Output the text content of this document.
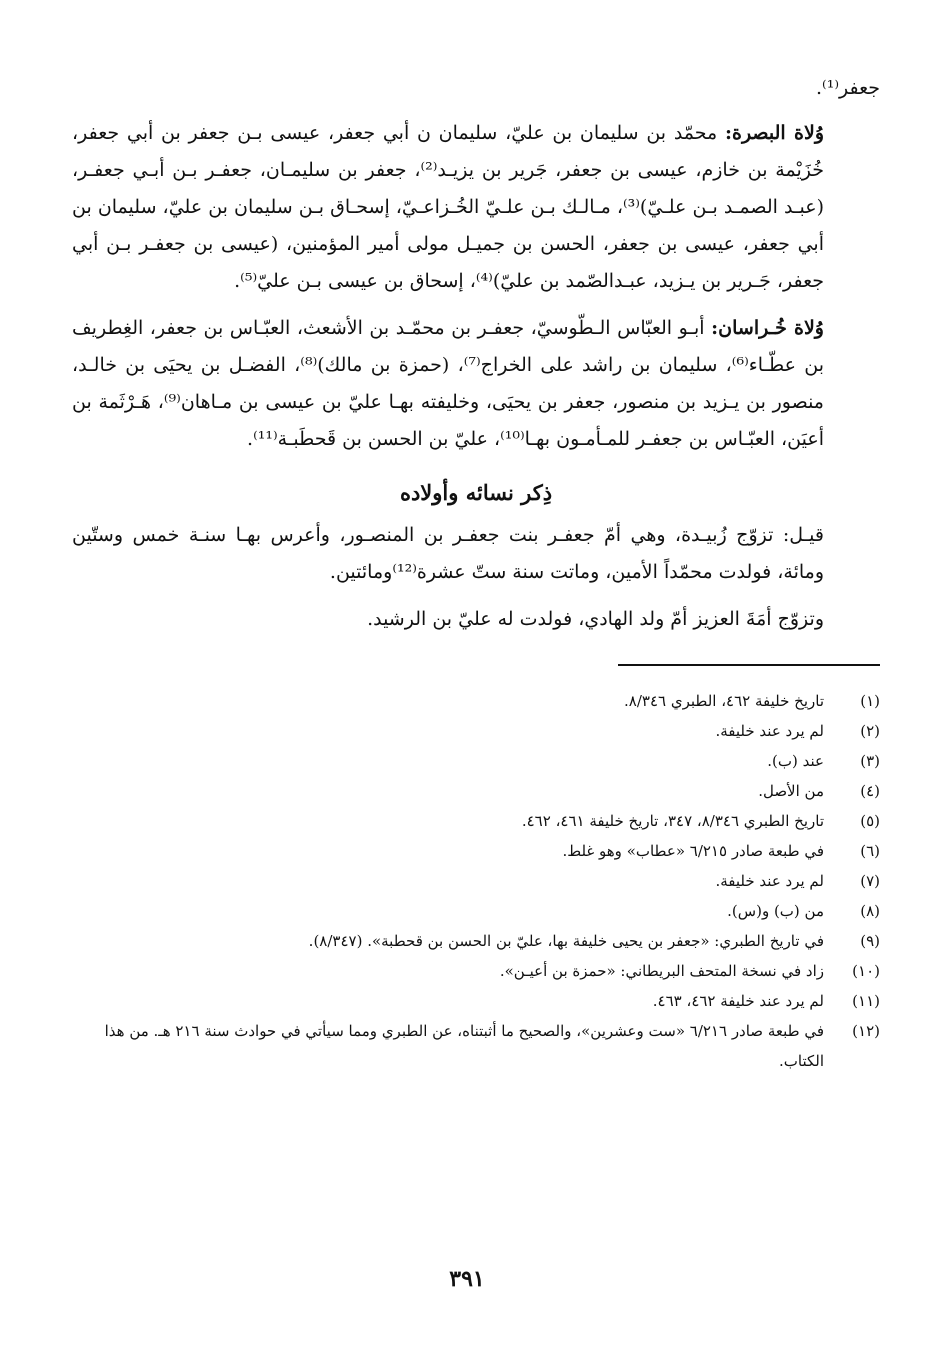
جعفر⁽¹⁾.

وُلاة البصرة: محمّد بن سليمان بن عليّ، سليمان ن أبي جعفر، عيسى بـن جعفر بن أبي جعفر، خُزَيْمة بن خازم، عيسى بن جعفر، جَرير بن يزيـد⁽²⁾، جعفر بن سليمـان، جعفـر بـن أبـي جعفـر، (عبـد الصمـد بـن علـيّ)⁽³⁾، مـالـك بـن علـيّ الخُـزاعـيّ، إسحـاق بـن سليمان بن عليّ، سليمان بن أبي جعفر، عيسى بن جعفر، الحسن بن جميـل مولى أمير المؤمنين، (عيسى بن جعفـر بـن أبي جعفر، جَـرير بن يـزيد، عبـدالصّمد بن عليّ)⁽⁴⁾، إسحاق بن عيسى بـن عليّ⁽⁵⁾.

وُلاة خُـراسان: أبـو العبّاس الـطّوسيّ، جعفـر بن محمّـد بن الأشعث، العبّـاس بن جعفر، الغِطريف بن عطّـاء⁽⁶⁾، سليمان بن راشد على الخراج⁽⁷⁾، (حمزة بن مالك)⁽⁸⁾، الفضـل بن يحيَى بن خالـد، منصور بن يـزيد بن منصور، جعفر بن يحيَى، وخليفته بهـا عليّ بن عيسى بن مـاهان⁽⁹⁾، هَـرْثَمة بن أعيَن، العبّـاس بن جعفـر للمـأمـون بهـا⁽¹⁰⁾، عليّ بن الحسن بن قَحطَبـة⁽¹¹⁾.

ذِكر نسائه وأولاده

قيـل: تزوّج زُبيـدة، وهي أمّ جعفـر بنت جعفـر بن المنصـور، وأعرس بهـا سنـة خمس وستّين ومائة، فولدت محمّداً الأمين، وماتت سنة ستّ عشرة⁽¹²⁾ومائتين.

وتزوّج أمَةَ العزيز أمّ ولد الهادي، فولدت له عليّ بن الرشيد.

(١)
تاريخ خليفة ٤٦٢، الطبري ٨/٣٤٦.
(٢)
لم يرد عند خليفة.
(٣)
عند (ب).
(٤)
من الأصل.
(٥)
تاريخ الطبري ٨/٣٤٦، ٣٤٧، تاريخ خليفة ٤٦١، ٤٦٢.
(٦)
في طبعة صادر ٦/٢١٥ «عطاب» وهو غلط.
(٧)
لم يرد عند خليفة.
(٨)
من (ب) و(س).
(٩)
في تاريخ الطبري: «جعفر بن يحيى خليفة بها، عليّ بن الحسن بن قحطبة». (٨/٣٤٧).
(١٠)
زاد في نسخة المتحف البريطاني: «حمزة بن أعيـن».
(١١)
لم يرد عند خليفة ٤٦٢، ٤٦٣.
(١٢)
في طبعة صادر ٦/٢١٦ «ست وعشرين»، والصحيح ما أثبتناه، عن الطبري ومما سيأتي في حوادث سنة ٢١٦ هـ. من هذا الكتاب.
٣٩١
